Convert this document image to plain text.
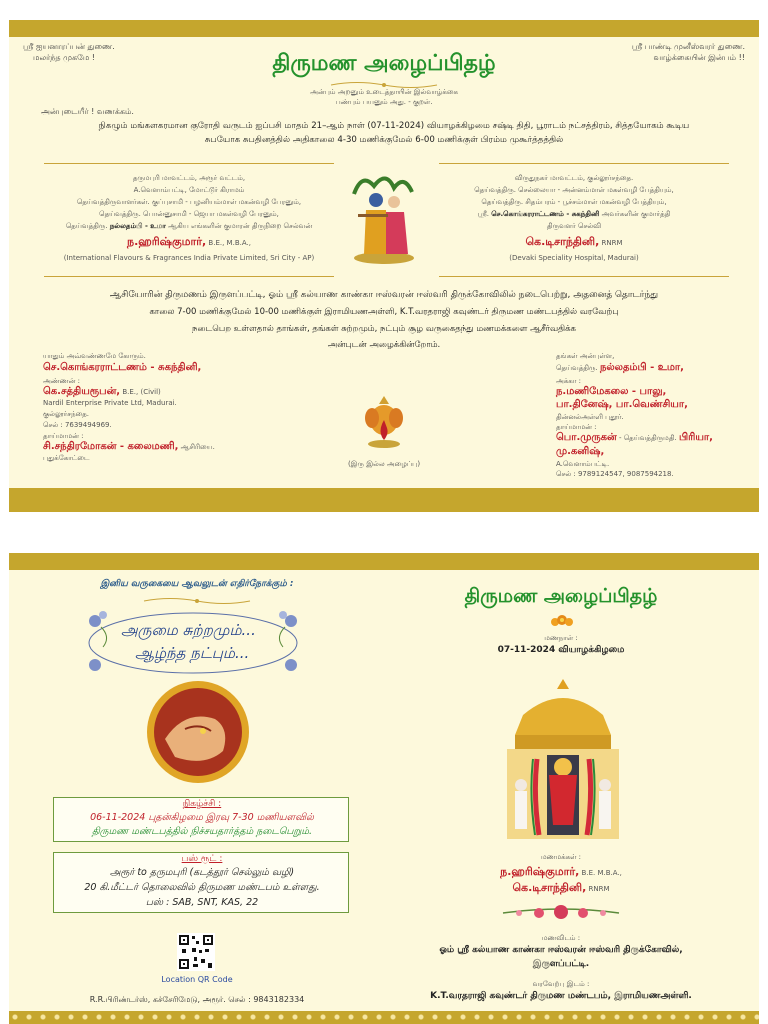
ஸ்ரீ ஐயனாரப்பன் துணை.
மலர்ந்த முகமே !
ஸ்ரீ பாண்டி முனீஸ்வரர் துணை.
வாழ்க்கையின் இன்பம் !!
திருமண அழைப்பிதழ்
அன்பும் அறனும் உடைத்தாயின் இல்வாழ்க்கை
பண்பும் பயனும் அது. - குறள்.
அன்புடையீர் ! வணக்கம்.
நிகழும் மங்களகரமான குரோதி வருடம் ஐப்பசி மாதம் 21–ஆம் நாள் (07-11-2024) வியாழக்கிழமை சஷ்டி திதி, பூராடம் நட்சத்திரம், சித்தயோகம் கூடிய
சுபயோக சுபதினத்தில் அதிகாலை 4-30 மணிக்குமேல் 6-00 மணிக்குள் பிரம்ம முகூர்த்தத்தில்
தருமபுரி மாவட்டம், அரூர் வட்டம்,
A.வெளாம்பட்டி, மோட்டூர் கிராமம்
தெய்வத்திருவாளர்கள். குப்புசாமி - பழனியம்மாள் மகன்வழி பேரனும்,
தெய்வத்திரு. பொன்னுசாமி - ஜெயா மகள்வழி பேரனும்,
தெய்வத்திரு. நல்லதம்பி - உமா ஆகிய எங்களின் குமாரன் திருநிறை செல்வன்
ந.ஹரிஷ்குமார், B.E., M.B.A.,
(International Flavours & Fragrances India Private Limited, Sri City - AP)
விருதுநகர் மாவட்டம், குல்லூர்சந்தை.
தெய்வத்திரு. செல்லையா - அன்னம்மாள் மகள்வழி பேத்தியும்,
தெய்வத்திரு. சிதம்பரம் - பூச்சம்மாள் மகன்வழி பேத்தியும்,
ஸ்ரீ. செ.கொங்கரராட்டணம் - சுகந்தினி அவர்களின் குமார்த்தி
திருவளர் செல்வி
கெ.டிசாந்தினி, RNRM
(Devaki Speciality Hospital, Madurai)
ஆசியோரின் திருமணம் இருளப்பட்டி, ஓம் ஸ்ரீ கல்யாண காண்கா ஈஸ்வரன் ஈஸ்வரி திருக்கோவிலில் நடைபெற்று, அதனைத் தொடர்ந்து
காலை 7-00 மணிக்குமேல் 10-00 மணிக்குள் இராமியணஅள்ளி, K.T.வரதராஜி கவுண்டர் திருமண மண்டபத்தில் வரவேற்பு
நடைபெற உள்ளதால் தாங்கள், தங்கள் சுற்றமும், நட்பும் சூழ வருகைதந்து மணமக்களை ஆசீர்வதிக்க
அன்புடன் அழைக்கின்றோம்.
யாதும் அவ்வண்ணமே கோரும்.
செ.கொங்கரராட்டணம் - சுகந்தினி,
அண்ணன் :
கெ.சத்தியரூபன், B.E., (Civil)
Nardil Enterprise Private Ltd, Madurai.
குல்லூர்சந்தை.
செல் : 7639494969.
தாய்மாமன் :
சி.சந்திரமோகன் - கலைமணி, ஆசிரியை.
புதுக்கோட்டை
(இரு இல்ல அழைப்பு)
தங்கள் அன்புள்ள,
தெய்வத்திரு. நல்லதம்பி - உமா,
அக்கா :
ந.மணிமேகலை - பாலு,
பா.தினேஷ், பா.வெண்சியா,
தின்னல்அள்ளி புதூர்.
தாய்மாமன் :
பொ.முருகன் - தெய்வத்திருமதி. பிரியா,
மு.கனிஷ்,
A.வெளாம்பட்டி.
செல் : 9789124547, 9087594218.
இனிய வருகையை ஆவலுடன் எதிர்நோக்கும் :
அருமை சுற்றமும்...
ஆழ்ந்த நட்பும்...
நிகழ்ச்சி :
06-11-2024 புதன்கிழமை இரவு 7-30 மணியளவில்
திருமண மண்டபத்தில் நிச்சயதார்த்தம் நடைபெறும்.
பஸ் ரூட் :
அரூர் to தருமபுரி (கடத்தூர் செல்லும் வழி)
20 கி.மீட்டர் தொலைவில் திருமண மண்டபம் உள்ளது.
பஸ் : SAB, SNT, KAS, 22
Location QR Code
R.R.பிரிண்டர்ஸ், கச்சேரிமேடு, அரூர். செல் : 9843182334
திருமண அழைப்பிதழ்
மணநாள் :
07-11-2024 வியாழக்கிழமை
மணமக்கள் :
ந.ஹரிஷ்குமார், B.E. M.B.A.,
கெ.டிசாந்தினி, RNRM
மணவிடம் :
ஓம் ஸ்ரீ கல்யாண காண்கா ஈஸ்வரன் ஈஸ்வரி திருக்கோவில்,
இருளப்பட்டி.
வரவேற்பு இடம் :
K.T.வரதராஜி கவுண்டர் திருமண மண்டபம், இராமியணஅள்ளி.
